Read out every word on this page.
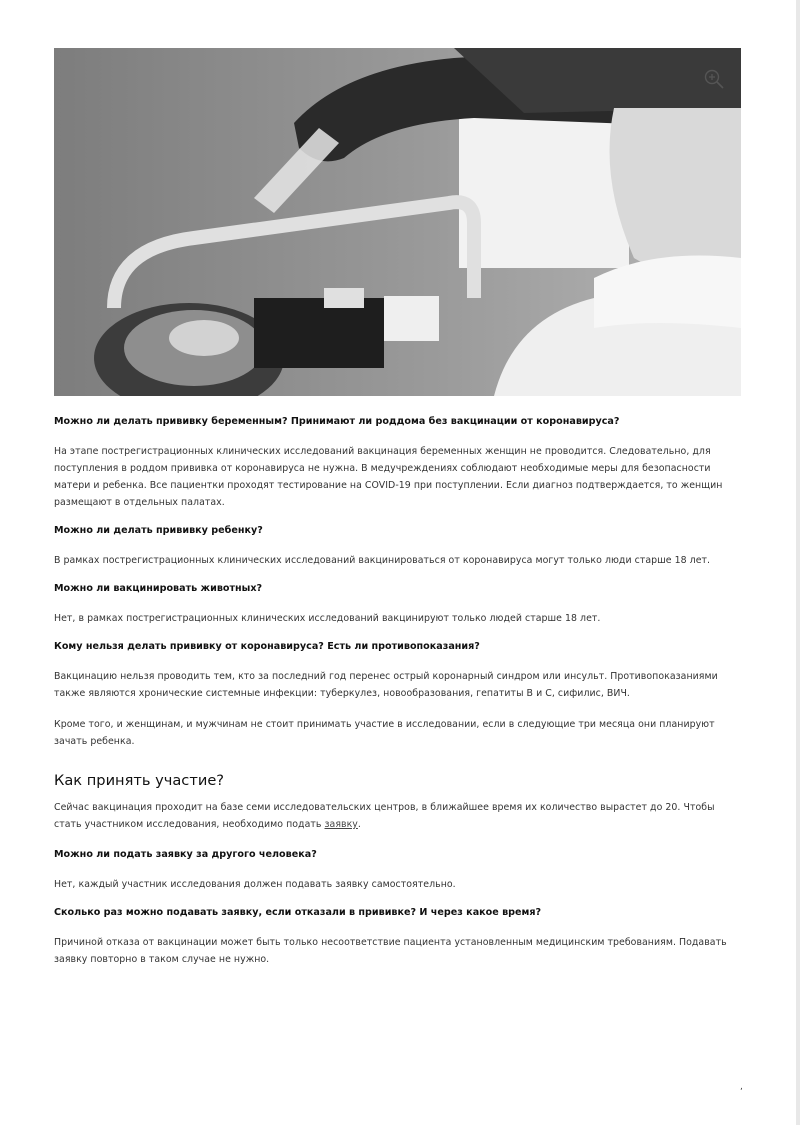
Можно ли делать прививку беременным? Принимают ли роддома без вакцинации от коронавируса?

На этапе пострегистрационных клинических исследований вакцинация беременных женщин не проводится. Следовательно, для поступления в роддом прививка от коронавируса не нужна. В медучреждениях соблюдают необходимые меры для безопасности матери и ребенка. Все пациентки проходят тестирование на COVID-19 при поступлении. Если диагноз подтверждается, то женщин размещают в отдельных палатах.

Можно ли делать прививку ребенку?

В рамках пострегистрационных клинических исследований вакцинироваться от коронавируса могут только люди старше 18 лет.

Можно ли вакцинировать животных?

Нет, в рамках пострегистрационных клинических исследований вакцинируют только людей старше 18 лет.

Кому нельзя делать прививку от коронавируса? Есть ли противопоказания?

Вакцинацию нельзя проводить тем, кто за последний год перенес острый коронарный синдром или инсульт. Противопоказаниями также являются хронические системные инфекции: туберкулез, новообразования, гепатиты B и C, сифилис, ВИЧ.

Кроме того, и женщинам, и мужчинам не стоит принимать участие в исследовании, если в следующие три месяца они планируют зачать ребенка.

Как принять участие?

Сейчас вакцинация проходит на базе семи исследовательских центров, в ближайшее время их количество вырастет до 20. Чтобы стать участником исследования, необходимо подать заявку.

Можно ли подать заявку за другого человека?

Нет, каждый участник исследования должен подавать заявку самостоятельно.

Сколько раз можно подавать заявку, если отказали в прививке? И через какое время?

Причиной отказа от вакцинации может быть только несоответствие пациента установленным медицинским требованиям. Подавать заявку повторно в таком случае не нужно.

,
